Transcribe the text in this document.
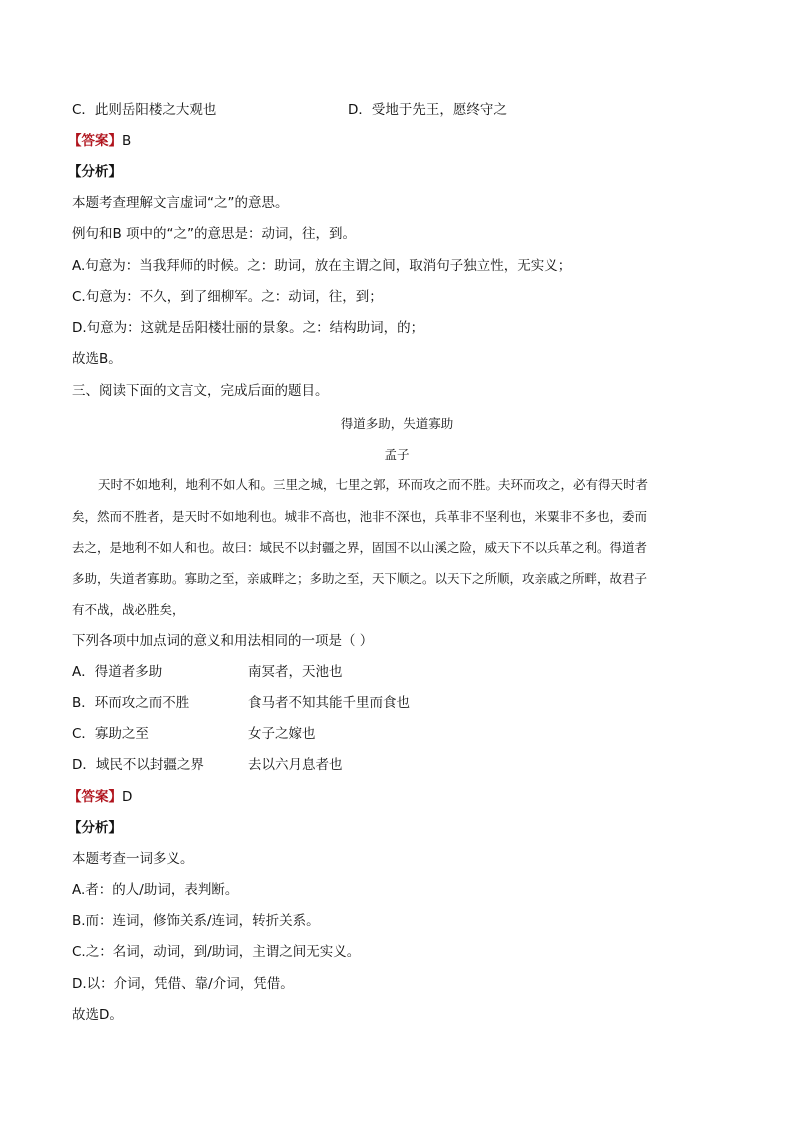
C．此则岳阳楼之大观也	D．受地于先王，愿终守之
【答案】B
【分析】
本题考查理解文言虚词“之”的意思。
例句和B 项中的“之”的意思是：动词，往，到。
A.句意为：当我拜师的时候。之：助词，放在主谓之间，取消句子独立性，无实义；
C.句意为：不久，到了细柳军。之：动词，往，到；
D.句意为：这就是岳阳楼壮丽的景象。之：结构助词，的；
故选B。
三、阅读下面的文言文，完成后面的题目。
得道多助，失道寡助
孟子
天时不如地利，地利不如人和。三里之城，七里之郭，环而攻之而不胜。夫环而攻之，必有得天时者
矣，然而不胜者，是天时不如地利也。城非不高也，池非不深也，兵革非不坚利也，米粟非不多也，委而
去之，是地利不如人和也。故曰：域民不以封疆之界，固国不以山溪之险，威天下不以兵革之利。得道者
多助，失道者寡助。寡助之至，亲戚畔之；多助之至，天下顺之。以天下之所顺，攻亲戚之所畔，故君子
有不战，战必胜矣，
下列各项中加点词的意义和用法相同的一项是（ ）
A．得道者多助	南冥者，天池也
B．环而攻之而不胜	食马者不知其能千里而食也
C．寡助之至	女子之嫁也
D．域民不以封疆之界	去以六月息者也
【答案】D
【分析】
本题考查一词多义。
A.者：的人/助词，表判断。
B.而：连词，修饰关系/连词，转折关系。
C.之：名词，动词，到/助词，主谓之间无实义。
D.以：介词，凭借、靠/介词，凭借。
故选D。
